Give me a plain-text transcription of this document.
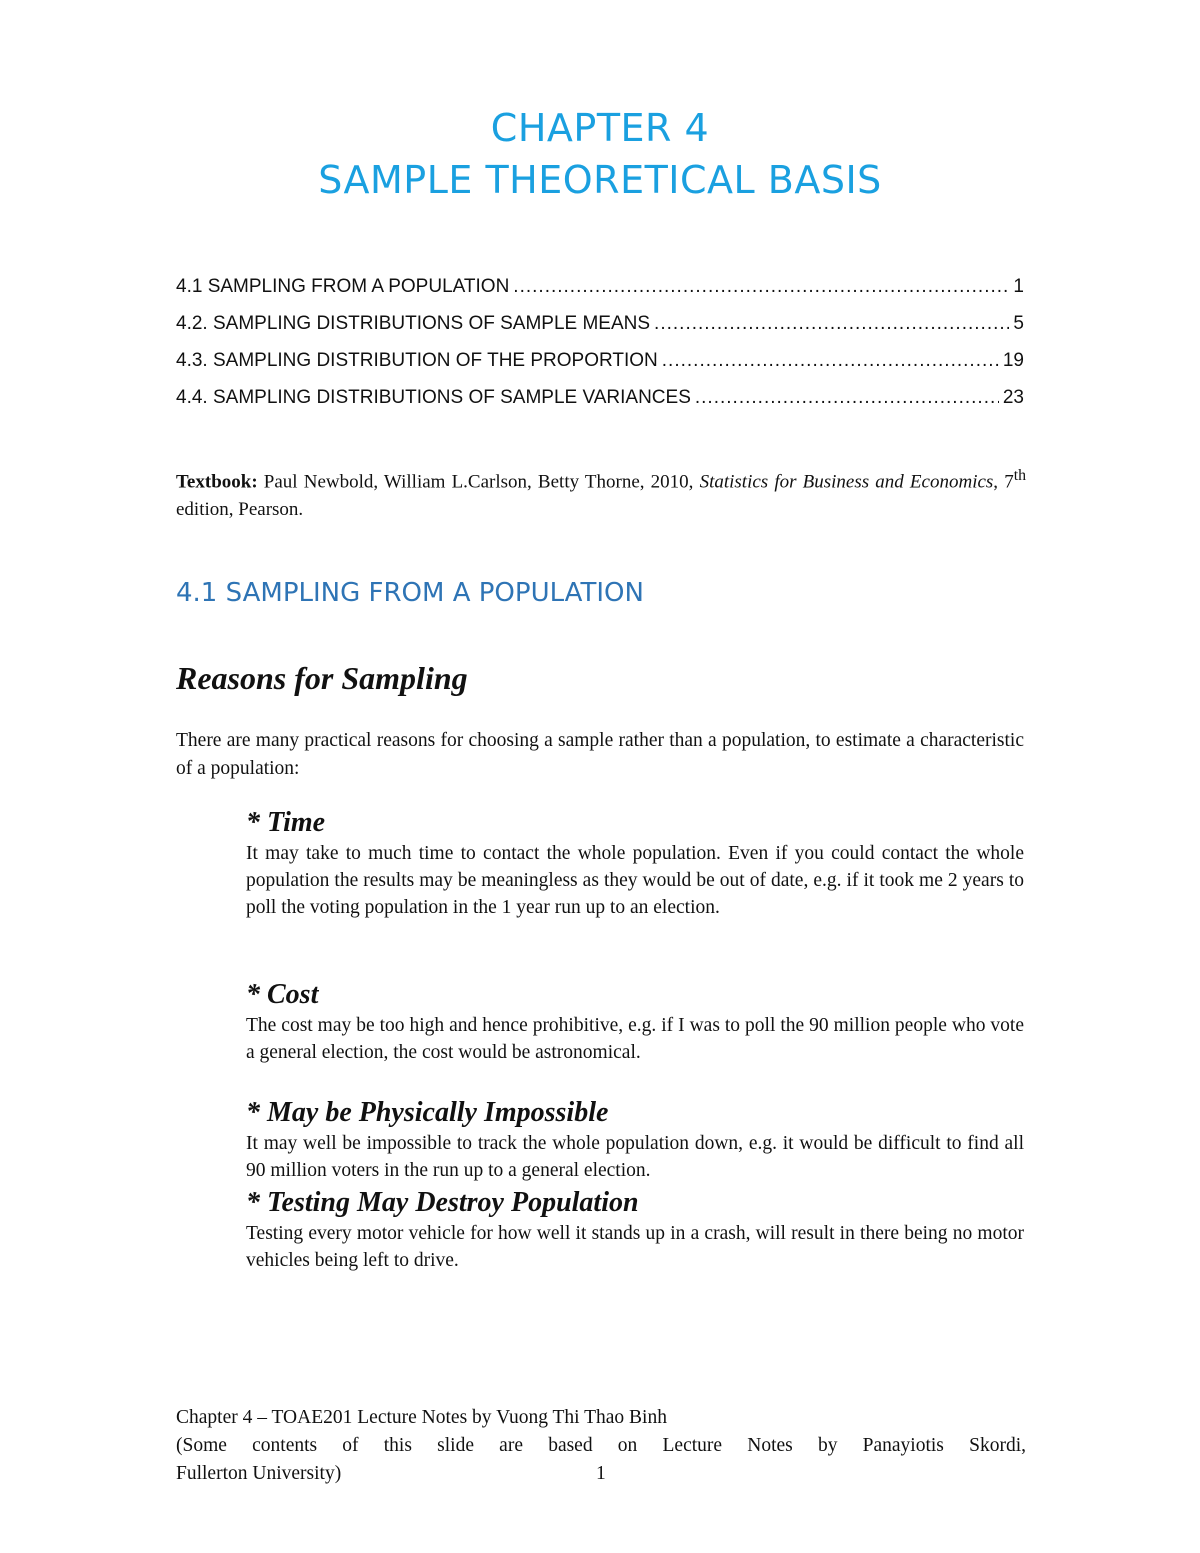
CHAPTER 4
SAMPLE THEORETICAL BASIS
4.1 SAMPLING FROM A POPULATION .....	1
4.2. SAMPLING DISTRIBUTIONS OF SAMPLE MEANS .....	5
4.3. SAMPLING DISTRIBUTION OF THE PROPORTION .....	19
4.4. SAMPLING DISTRIBUTIONS OF SAMPLE VARIANCES .....	23
Textbook: Paul Newbold, William L.Carlson, Betty Thorne, 2010, Statistics for Business and Economics, 7th edition, Pearson.
4.1 SAMPLING FROM A POPULATION
Reasons for Sampling
There are many practical reasons for choosing a sample rather than a population, to estimate a characteristic of a population:
* Time
It may take to much time to contact the whole population. Even if you could contact the whole population the results may be meaningless as they would be out of date, e.g. if it took me 2 years to poll the voting population in the 1 year run up to an election.
* Cost
The cost may be too high and hence prohibitive, e.g. if I was to poll the 90 million people who vote a general election, the cost would be astronomical.
* May be Physically Impossible
It may well be impossible to track the whole population down, e.g. it would be difficult to find all 90 million voters in the run up to a general election.
* Testing May Destroy Population
Testing every motor vehicle for how well it stands up in a crash, will result in there being no motor vehicles being left to drive.
Chapter 4 – TOAE201 Lecture Notes by Vuong Thi Thao Binh
(Some contents of this slide are based on Lecture Notes by Panayiotis Skordi,
Fullerton University)	1
